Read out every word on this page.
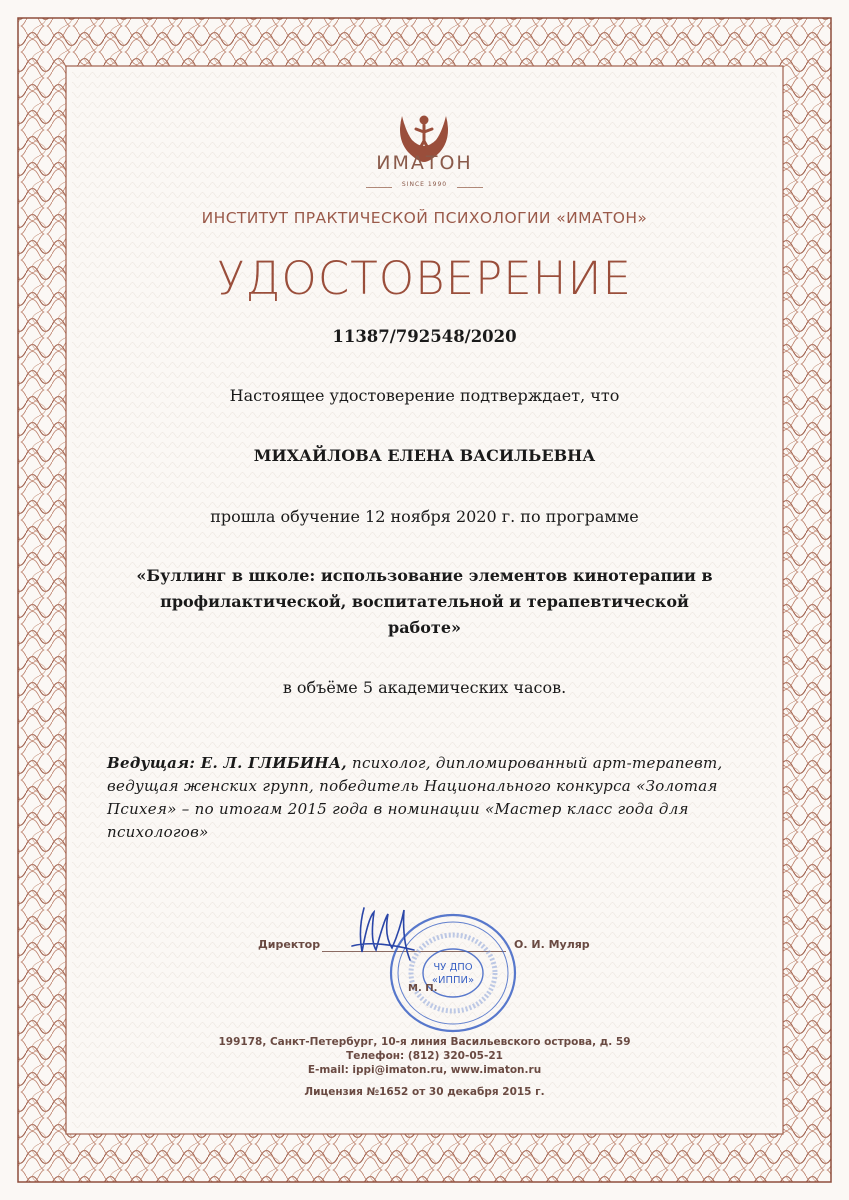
ИМАТОН
SINCE 1990
ИНСТИТУТ ПРАКТИЧЕСКОЙ ПСИХОЛОГИИ «ИМАТОН»
УДОСТОВЕРЕНИЕ
11387/792548/2020
Настоящее удостоверение подтверждает, что
МИХАЙЛОВА ЕЛЕНА ВАСИЛЬЕВНА
прошла обучение 12 ноября 2020 г. по программе
«Буллинг в школе: использование элементов кинотерапии в
профилактической, воспитательной и терапевтической
работе»
в объёме 5 академических часов.
Ведущая: Е. Л. ГЛИБИНА, психолог, дипломированный арт-терапевт,
ведущая женских групп, победитель Национального конкурса «Золотая
Психея» – по итогам 2015 года в номинации «Мастер класс года для
психологов»
Директор	О. И. Муляр
ЧУ ДПО
«ИППИ»
М. П.
199178, Санкт-Петербург, 10-я линия Васильевского острова, д. 59
Телефон: (812) 320-05-21
E-mail: ippi@imaton.ru, www.imaton.ru
Лицензия №1652 от 30 декабря 2015 г.
